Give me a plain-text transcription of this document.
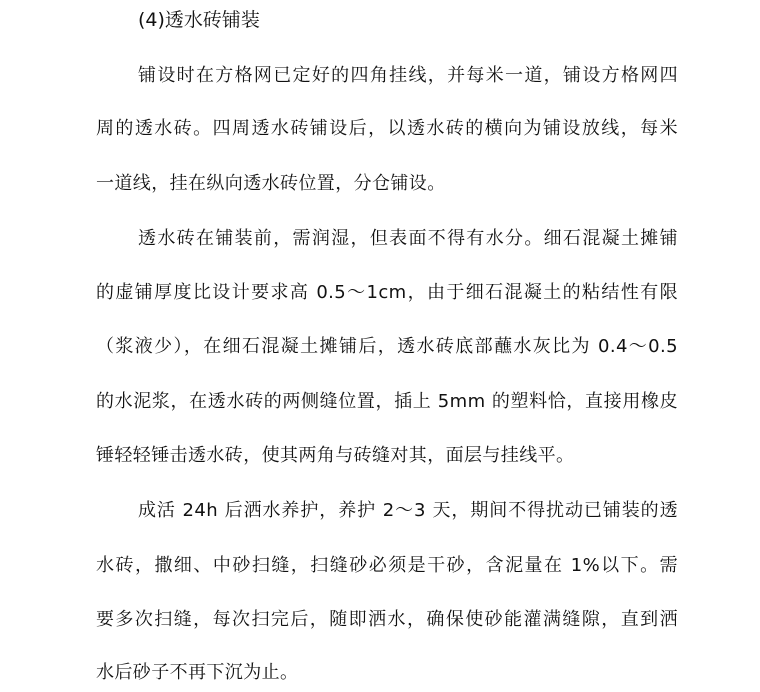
(4)透水砖铺装
铺设时在方格网已定好的四角挂线，并每米一道，铺设方格网四
周的透水砖。四周透水砖铺设后，以透水砖的横向为铺设放线，每米
一道线，挂在纵向透水砖位置，分仓铺设。
透水砖在铺装前，需润湿，但表面不得有水分。细石混凝土摊铺
的虚铺厚度比设计要求高 0.5～1cm，由于细石混凝土的粘结性有限
（浆液少），在细石混凝土摊铺后，透水砖底部蘸水灰比为 0.4～0.5
的水泥浆，在透水砖的两侧缝位置，插上 5mm 的塑料恰，直接用橡皮
锤轻轻锤击透水砖，使其两角与砖缝对其，面层与挂线平。
成活 24h 后洒水养护，养护 2～3 天，期间不得扰动已铺装的透
水砖，撒细、中砂扫缝，扫缝砂必须是干砂，含泥量在 1%以下。需
要多次扫缝，每次扫完后，随即洒水，确保使砂能灌满缝隙，直到洒
水后砂子不再下沉为止。
